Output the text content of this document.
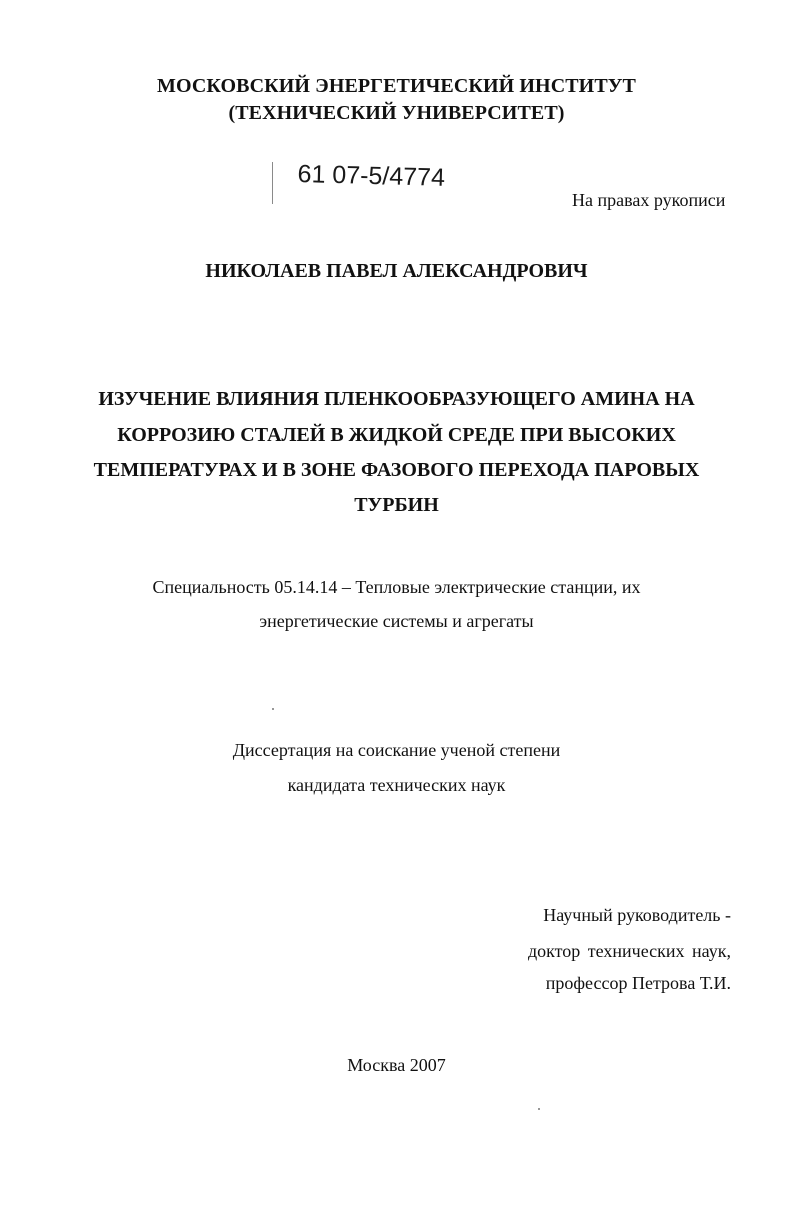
МОСКОВСКИЙ ЭНЕРГЕТИЧЕСКИЙ ИНСТИТУТ
(ТЕХНИЧЕСКИЙ УНИВЕРСИТЕТ)
61 07-5/4774
На правах рукописи
НИКОЛАЕВ ПАВЕЛ АЛЕКСАНДРОВИЧ
ИЗУЧЕНИЕ ВЛИЯНИЯ ПЛЕНКООБРАЗУЮЩЕГО АМИНА НА
КОРРОЗИЮ СТАЛЕЙ В ЖИДКОЙ СРЕДЕ ПРИ ВЫСОКИХ
ТЕМПЕРАТУРАХ И В ЗОНЕ ФАЗОВОГО ПЕРЕХОДА ПАРОВЫХ
ТУРБИН
Специальность 05.14.14 – Тепловые электрические станции, их
энергетические системы и агрегаты
Диссертация на соискание ученой степени
кандидата технических наук
Научный руководитель -
доктор технических наук,
профессор Петрова Т.И.
Москва 2007
